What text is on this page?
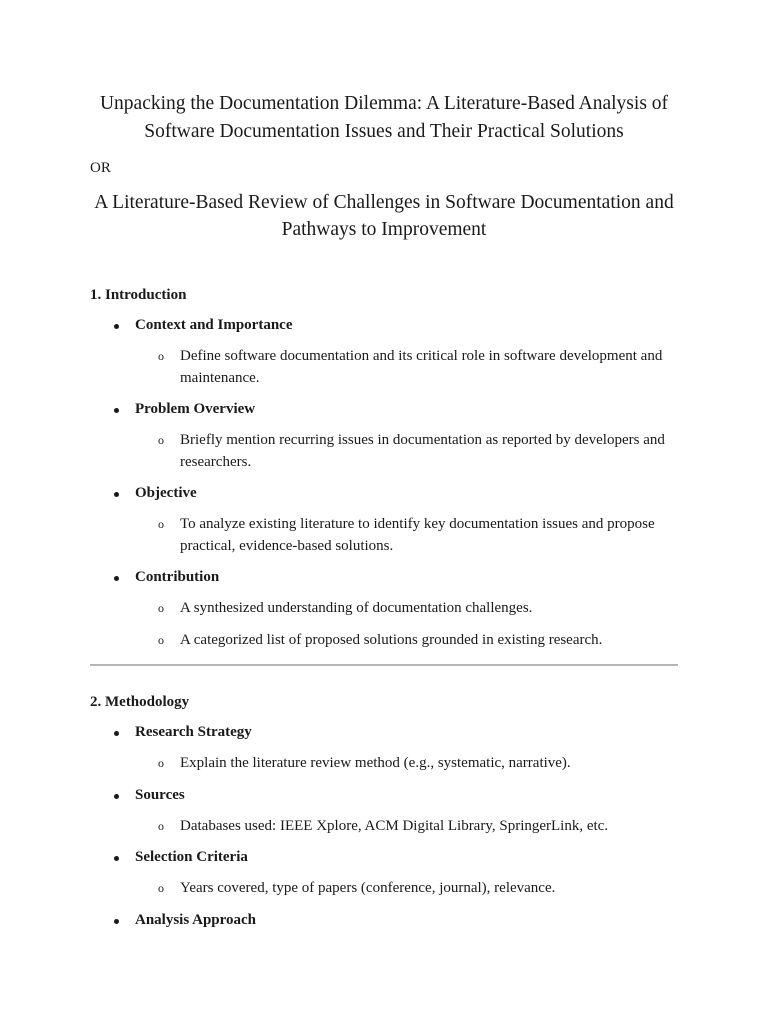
Unpacking the Documentation Dilemma: A Literature-Based Analysis of Software Documentation Issues and Their Practical Solutions
OR
A Literature-Based Review of Challenges in Software Documentation and Pathways to Improvement
1. Introduction
Context and Importance
o Define software documentation and its critical role in software development and maintenance.
Problem Overview
o Briefly mention recurring issues in documentation as reported by developers and researchers.
Objective
o To analyze existing literature to identify key documentation issues and propose practical, evidence-based solutions.
Contribution
o A synthesized understanding of documentation challenges.
o A categorized list of proposed solutions grounded in existing research.
2. Methodology
Research Strategy
o Explain the literature review method (e.g., systematic, narrative).
Sources
o Databases used: IEEE Xplore, ACM Digital Library, SpringerLink, etc.
Selection Criteria
o Years covered, type of papers (conference, journal), relevance.
Analysis Approach
